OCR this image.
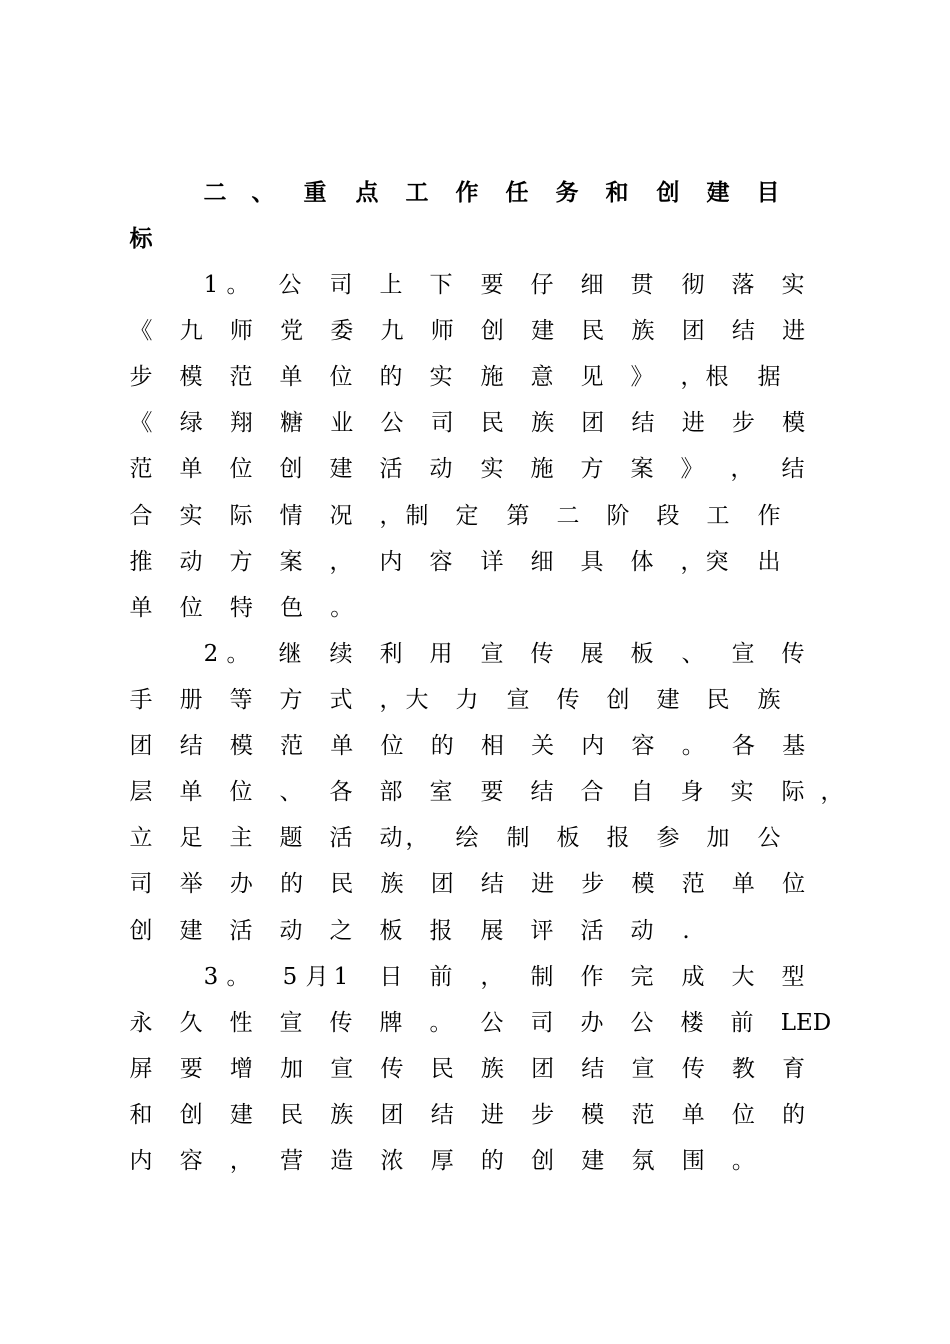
二 、 重 点 工 作 任 务 和 创 建 目
标

1 。 公 司 上 下 要 仔 细 贯 彻 落 实

《 九 师 党 委 九 师 创 建 民 族 团 结 进

步 模 范 单 位 的 实 施 意 见 》 ， 根 据

《 绿 翔 糖 业 公 司 民 族 团 结 进 步 模

范 单 位 创 建 活 动 实 施 方 案 》 ， 结

合 实 际 情 况 ， 制 定 第 二 阶 段 工 作

推 动 方 案 ， 内 容 详 细 具 体 ， 突 出

单 位 特 色 。

2 。 继 续 利 用 宣 传 展 板 、 宣 传

手 册 等 方 式 ， 大 力 宣 传 创 建 民 族

团 结 模 范 单 位 的 相 关 内 容 。 各 基

层 单 位 、 各 部 室 要 结 合 自 身 实 际 ，

立 足 主 题 活 动 ， 绘 制 板 报 参 加 公

司 举 办 的 民 族 团 结 进 步 模 范 单 位

创 建 活 动 之 板 报 展 评 活 动 .

3 。 5 月 1 日 前 ， 制 作 完 成 大 型

永 久 性 宣 传 牌 。 公 司 办 公 楼 前 LED

屏 要 增 加 宣 传 民 族 团 结 宣 传 教 育

和 创 建 民 族 团 结 进 步 模 范 单 位 的

内 容 ， 营 造 浓 厚 的 创 建 氛 围 。
